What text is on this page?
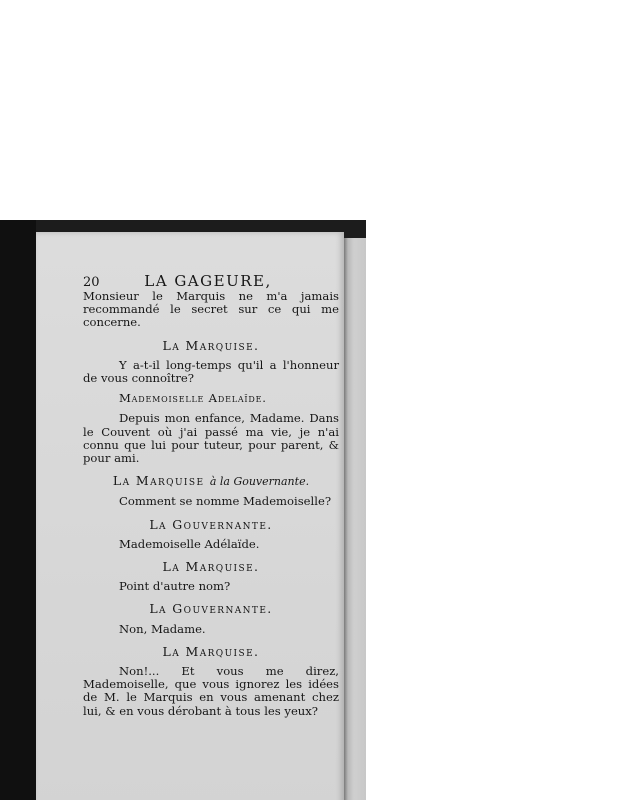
20	LA GAGEURE,

Monsieur le Marquis ne m'a jamais recommandé le secret sur ce qui me concerne.

La Marquise.

Y a-t-il long-temps qu'il a l'honneur de vous connoître?

Mademoiselle Adelaïde.

Depuis mon enfance, Madame. Dans le Couvent où j'ai passé ma vie, je n'ai connu que lui pour tuteur, pour parent, & pour ami.

La Marquise à la Gouvernante.

Comment se nomme Mademoiselle?

La Gouvernante.

Mademoiselle Adélaïde.

La Marquise.

Point d'autre nom?

La Gouvernante.

Non, Madame.

La Marquise.

Non!... Et vous me direz, Mademoiselle, que vous ignorez les idées de M. le Marquis en vous amenant chez lui, & en vous dérobant à tous les yeux?
